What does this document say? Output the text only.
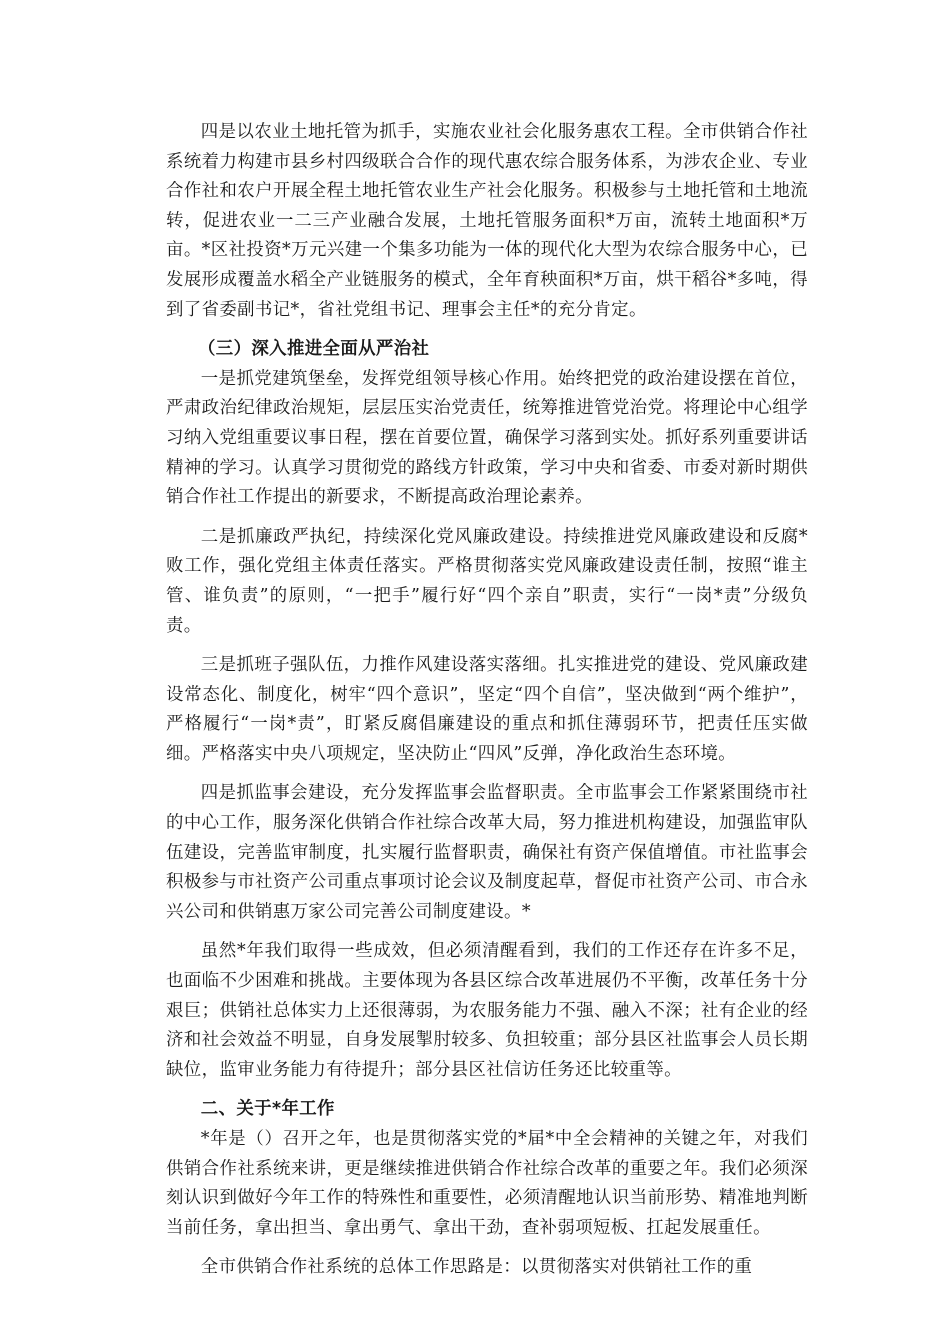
四是以农业土地托管为抓手，实施农业社会化服务惠农工程。全市供销合作社系统着力构建市县乡村四级联合合作的现代惠农综合服务体系，为涉农企业、专业合作社和农户开展全程土地托管农业生产社会化服务。积极参与土地托管和土地流转，促进农业一二三产业融合发展，土地托管服务面积*万亩，流转土地面积*万亩。*区社投资*万元兴建一个集多功能为一体的现代化大型为农综合服务中心，已发展形成覆盖水稻全产业链服务的模式，全年育秧面积*万亩，烘干稻谷*多吨，得到了省委副书记*，省社党组书记、理事会主任*的充分肯定。

（三）深入推进全面从严治社

一是抓党建筑堡垒，发挥党组领导核心作用。始终把党的政治建设摆在首位，严肃政治纪律政治规矩，层层压实治党责任，统筹推进管党治党。将理论中心组学习纳入党组重要议事日程，摆在首要位置，确保学习落到实处。抓好系列重要讲话精神的学习。认真学习贯彻党的路线方针政策，学习中央和省委、市委对新时期供销合作社工作提出的新要求，不断提高政治理论素养。

二是抓廉政严执纪，持续深化党风廉政建设。持续推进党风廉政建设和反腐*败工作，强化党组主体责任落实。严格贯彻落实党风廉政建设责任制，按照“谁主管、谁负责”的原则，“一把手”履行好“四个亲自”职责，实行“一岗*责”分级负责。

三是抓班子强队伍，力推作风建设落实落细。扎实推进党的建设、党风廉政建设常态化、制度化，树牢“四个意识”，坚定“四个自信”，坚决做到“两个维护”，严格履行“一岗*责”，盯紧反腐倡廉建设的重点和抓住薄弱环节，把责任压实做细。严格落实中央八项规定，坚决防止“四风”反弹，净化政治生态环境。

四是抓监事会建设，充分发挥监事会监督职责。全市监事会工作紧紧围绕市社的中心工作，服务深化供销合作社综合改革大局，努力推进机构建设，加强监审队伍建设，完善监审制度，扎实履行监督职责，确保社有资产保值增值。市社监事会积极参与市社资产公司重点事项讨论会议及制度起草，督促市社资产公司、市合永兴公司和供销惠万家公司完善公司制度建设。*

虽然*年我们取得一些成效，但必须清醒看到，我们的工作还存在许多不足，也面临不少困难和挑战。主要体现为各县区综合改革进展仍不平衡，改革任务十分艰巨；供销社总体实力上还很薄弱，为农服务能力不强、融入不深；社有企业的经济和社会效益不明显，自身发展掣肘较多、负担较重；部分县区社监事会人员长期缺位，监审业务能力有待提升；部分县区社信访任务还比较重等。

二、关于*年工作

*年是（）召开之年，也是贯彻落实党的*届*中全会精神的关键之年，对我们供销合作社系统来讲，更是继续推进供销合作社综合改革的重要之年。我们必须深刻认识到做好今年工作的特殊性和重要性，必须清醒地认识当前形势、精准地判断当前任务，拿出担当、拿出勇气、拿出干劲，查补弱项短板、扛起发展重任。

全市供销合作社系统的总体工作思路是：以贯彻落实对供销社工作的重
